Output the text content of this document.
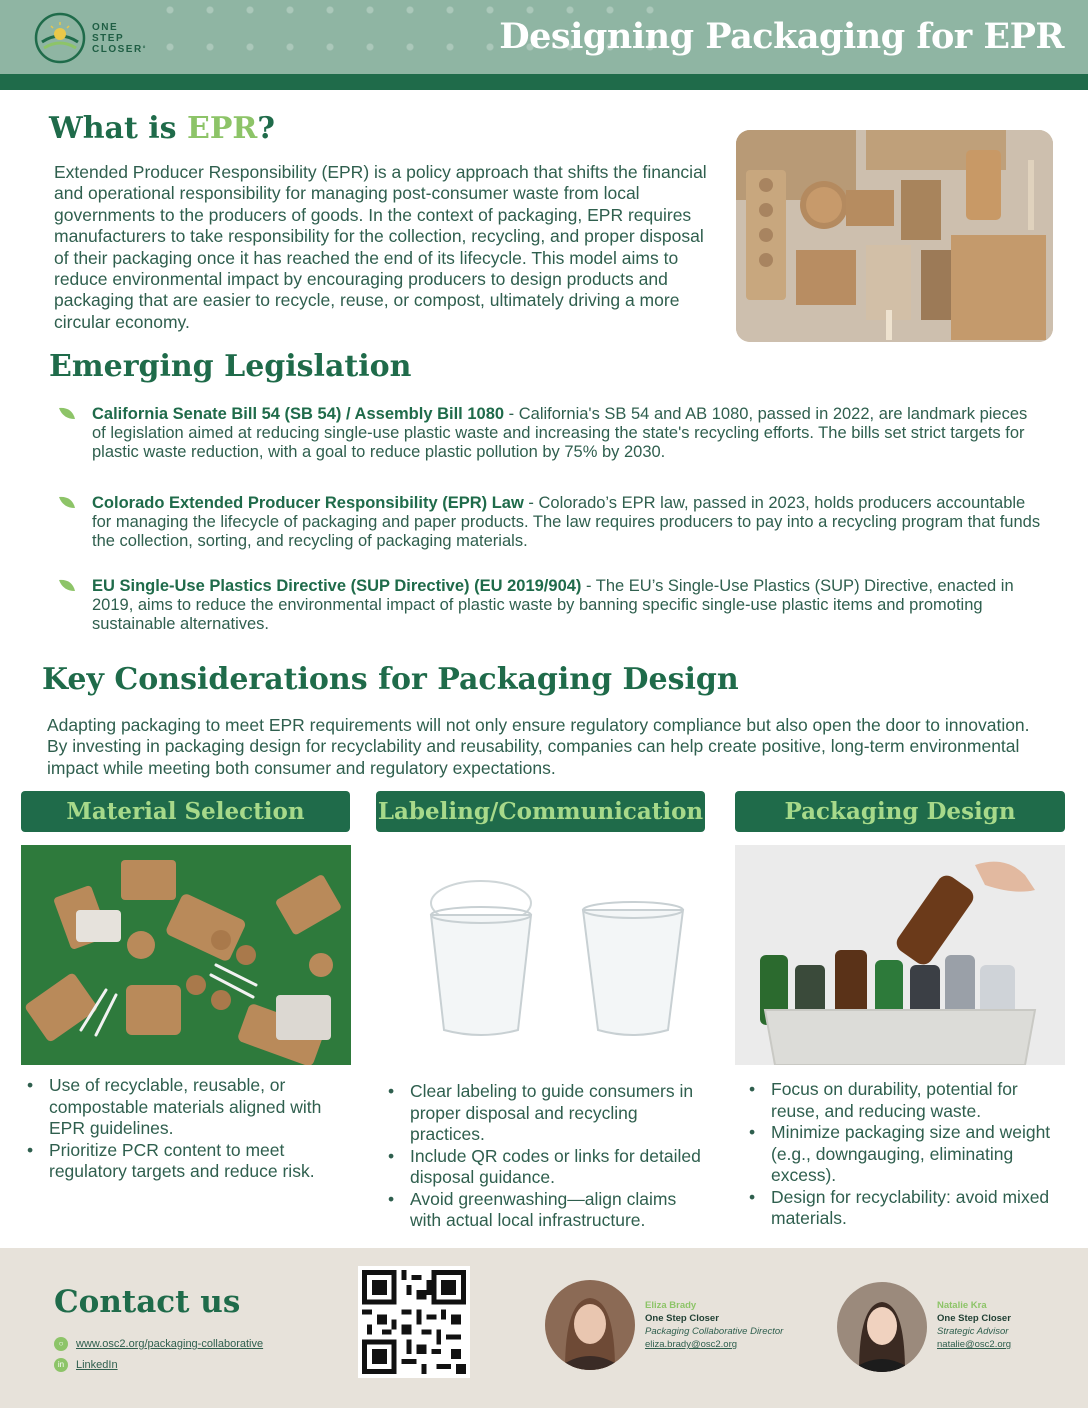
ONE
STEP
CLOSER°	Designing Packaging for EPR
What is EPR?
Extended Producer Responsibility (EPR) is a policy approach that shifts the financial and operational responsibility for managing post-consumer waste from local governments to the producers of goods. In the context of packaging, EPR requires manufacturers to take responsibility for the collection, recycling, and proper disposal of their packaging once it has reached the end of its lifecycle. This model aims to reduce environmental impact by encouraging producers to design products and packaging that are easier to recycle, reuse, or compost, ultimately driving a more circular economy.
Emerging Legislation
California Senate Bill 54 (SB 54) / Assembly Bill 1080 - California's SB 54 and AB 1080, passed in 2022, are landmark pieces of legislation aimed at reducing single-use plastic waste and increasing the state's recycling efforts. The bills set strict targets for plastic waste reduction, with a goal to reduce plastic pollution by 75% by 2030.
Colorado Extended Producer Responsibility (EPR) Law - Colorado’s EPR law, passed in 2023, holds producers accountable for managing the lifecycle of packaging and paper products. The law requires producers to pay into a recycling program that funds the collection, sorting, and recycling of packaging materials.
EU Single-Use Plastics Directive (SUP Directive) (EU 2019/904) - The EU’s Single-Use Plastics (SUP) Directive, enacted in 2019, aims to reduce the environmental impact of plastic waste by banning specific single-use plastic items and promoting sustainable alternatives.
Key Considerations for Packaging Design
Adapting packaging to meet EPR requirements will not only ensure regulatory compliance but also open the door to innovation. By investing in packaging design for recyclability and reusability, companies can help create positive, long-term environmental impact while meeting both consumer and regulatory expectations.
Material Selection	Labeling/Communication	Packaging Design
• Use of recyclable, reusable, or compostable materials aligned with EPR guidelines.
• Prioritize PCR content to meet regulatory targets and reduce risk.
• Clear labeling to guide consumers in proper disposal and recycling practices.
• Include QR codes or links for detailed disposal guidance.
• Avoid greenwashing—align claims with actual local infrastructure.
• Focus on durability, potential for reuse, and reducing waste.
• Minimize packaging size and weight (e.g., downgauging, eliminating excess).
• Design for recyclability: avoid mixed materials.
Contact us
○ www.osc2.org/packaging-collaborative
in LinkedIn
Eliza Brady
One Step Closer
Packaging Collaborative Director
eliza.brady@osc2.org
Natalie Kra
One Step Closer
Strategic Advisor
natalie@osc2.org
